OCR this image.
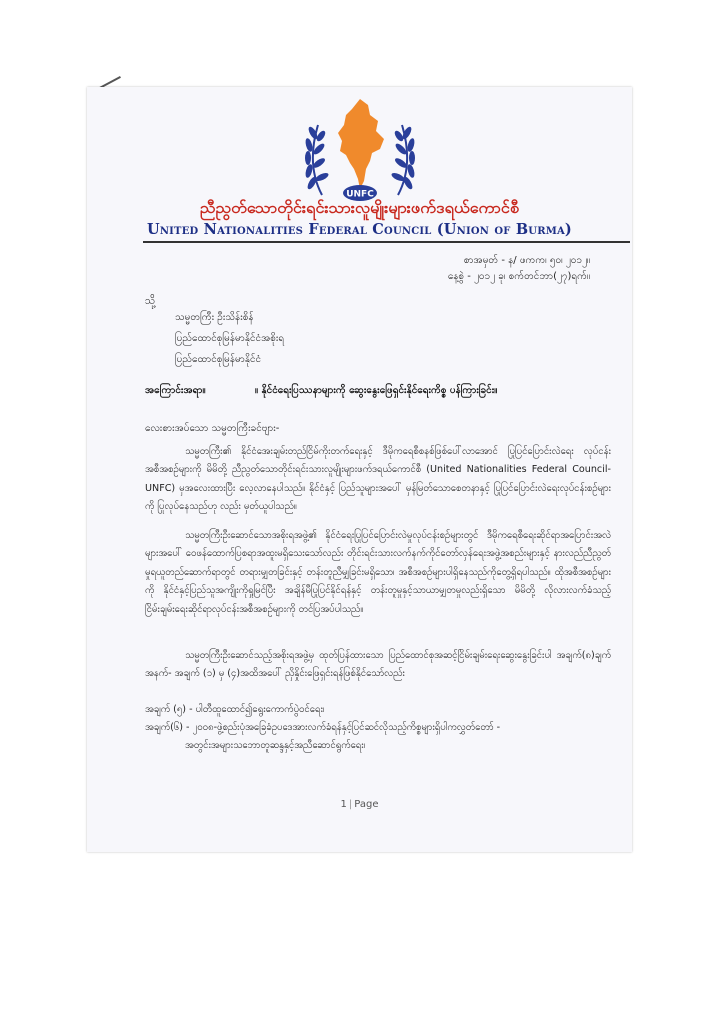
UNFC
ညီညွတ်သောတိုင်းရင်းသားလူမျိုးများဖက်ဒရယ်ကောင်စီ
United Nationalities Federal Council (Union of Burma)
စာအမှတ် - န/ ဖကက၊ ၅၀၊ ၂၀၁၂။
နေ့စွဲ - ၂၀၁၂ ခု၊ စက်တင်ဘာ(၂၇)ရက်။
သို့
သမ္မတကြီး ဦးသိန်းစိန်
ပြည်ထောင်စုမြန်မာနိုင်ငံအစိုးရ
ပြည်ထောင်စုမြန်မာနိုင်ငံ
အကြောင်းအရာ။	။ နိုင်ငံရေးပြဿနာများကို ဆွေးနွေးဖြေရှင်းနိုင်ရေးကိစ္စ ပန်ကြားခြင်း။
လေးစားအပ်သော သမ္မတကြီးခင်ဗျား-
သမ္မတကြီး၏ နိုင်ငံအေးချမ်းတည်ငြိမ်ကိုးတက်ရေးနှင့် ဒီမိုကရေစီစနစ်ဖြစ်ပေါ်လာအောင် ပြုပြင်ပြောင်းလဲရေး လုပ်ငန်းအစီအစဉ်များကို မိမိတို့ ညီညွတ်သောတိုင်းရင်းသားလူမျိုးများဖက်ဒရယ်ကောင်စီ (United Nationalities Federal Council- UNFC) မှအလေးထားပြီး လေ့လာနေပါသည်။ နိုင်ငံနှင့် ပြည်သူများအပေါ် မှန်မြတ်သောစေတနာနှင့် ပြုပြင်ပြောင်းလဲရေးလုပ်ငန်းစဉ်များကို ပြုလုပ်နေသည်ဟု လည်း မှတ်ယူပါသည်။
သမ္မတကြီးဦးဆောင်သောအစိုးရအဖွဲ့၏ နိုင်ငံရေးပြုပြင်ပြောင်းလဲမှုလုပ်ငန်းစဉ်များတွင် ဒီမိုကရေစီရေးဆိုင်ရာအပြောင်းအလဲများအပေါ် ဝေဖန်ထောက်ပြစရာအထူးမရှိသေးသော်လည်း တိုင်းရင်းသားလက်နက်ကိုင်တော်လှန်ရေးအဖွဲ့အစည်းများနှင့် နားလည်ညီညွတ်မှုရယူတည်ဆောက်ရာတွင် တရားမျှတခြင်းနှင့် တန်းတူညီမျှခြင်းမရှိသော၊ အစီအစဉ်များပါရှိနေသည်ကိုတွေ့ရှိရပါသည်။ ထိုအစီအစဉ်များကို နိုင်ငံနှင့်ပြည်သူအကျိုးကိုရှုမြင်ပြီး အချိန်မီပြုပြင်နိုင်ရန်နှင့် တန်းတူမှုနှင့်သာယာမျှတမှုလည်းရှိသော မိမိတို့ လိုလားလက်ခံသည့် ငြိမ်းချမ်းရေးဆိုင်ရာလုပ်ငန်းအစီအစဉ်များကို တင်ပြအပ်ပါသည်။
သမ္မတကြီးဦးဆောင်သည့်အစိုးရအဖွဲ့မှ ထုတ်ပြန်ထားသော ပြည်ထောင်စုအဆင့်ငြိမ်းချမ်းရေးဆွေးနွေးခြင်းပါ အချက်(၈)ချက်အနက်- အချက် (၁) မှ (၄)အထိအပေါ် ညှိနှိုင်းဖြေရှင်းရန်ဖြစ်နိုင်သော်လည်း
အချက် (၅) - ပါတီထူထောင်၍ရွေးကောက်ပွဲဝင်ရေး၊
အချက်(၆) - ၂၀၀၈-ဖွဲ့စည်းပုံအခြေခံဥပဒေအားလက်ခံရန်နှင့်ပြင်ဆင်လိုသည့်ကိစ္စများရှိပါကလွှတ်တော် -
အတွင်းအများသဘောတူဆန္ဒနှင့်အညီဆောင်ရွက်ရေး၊
1 | Page
